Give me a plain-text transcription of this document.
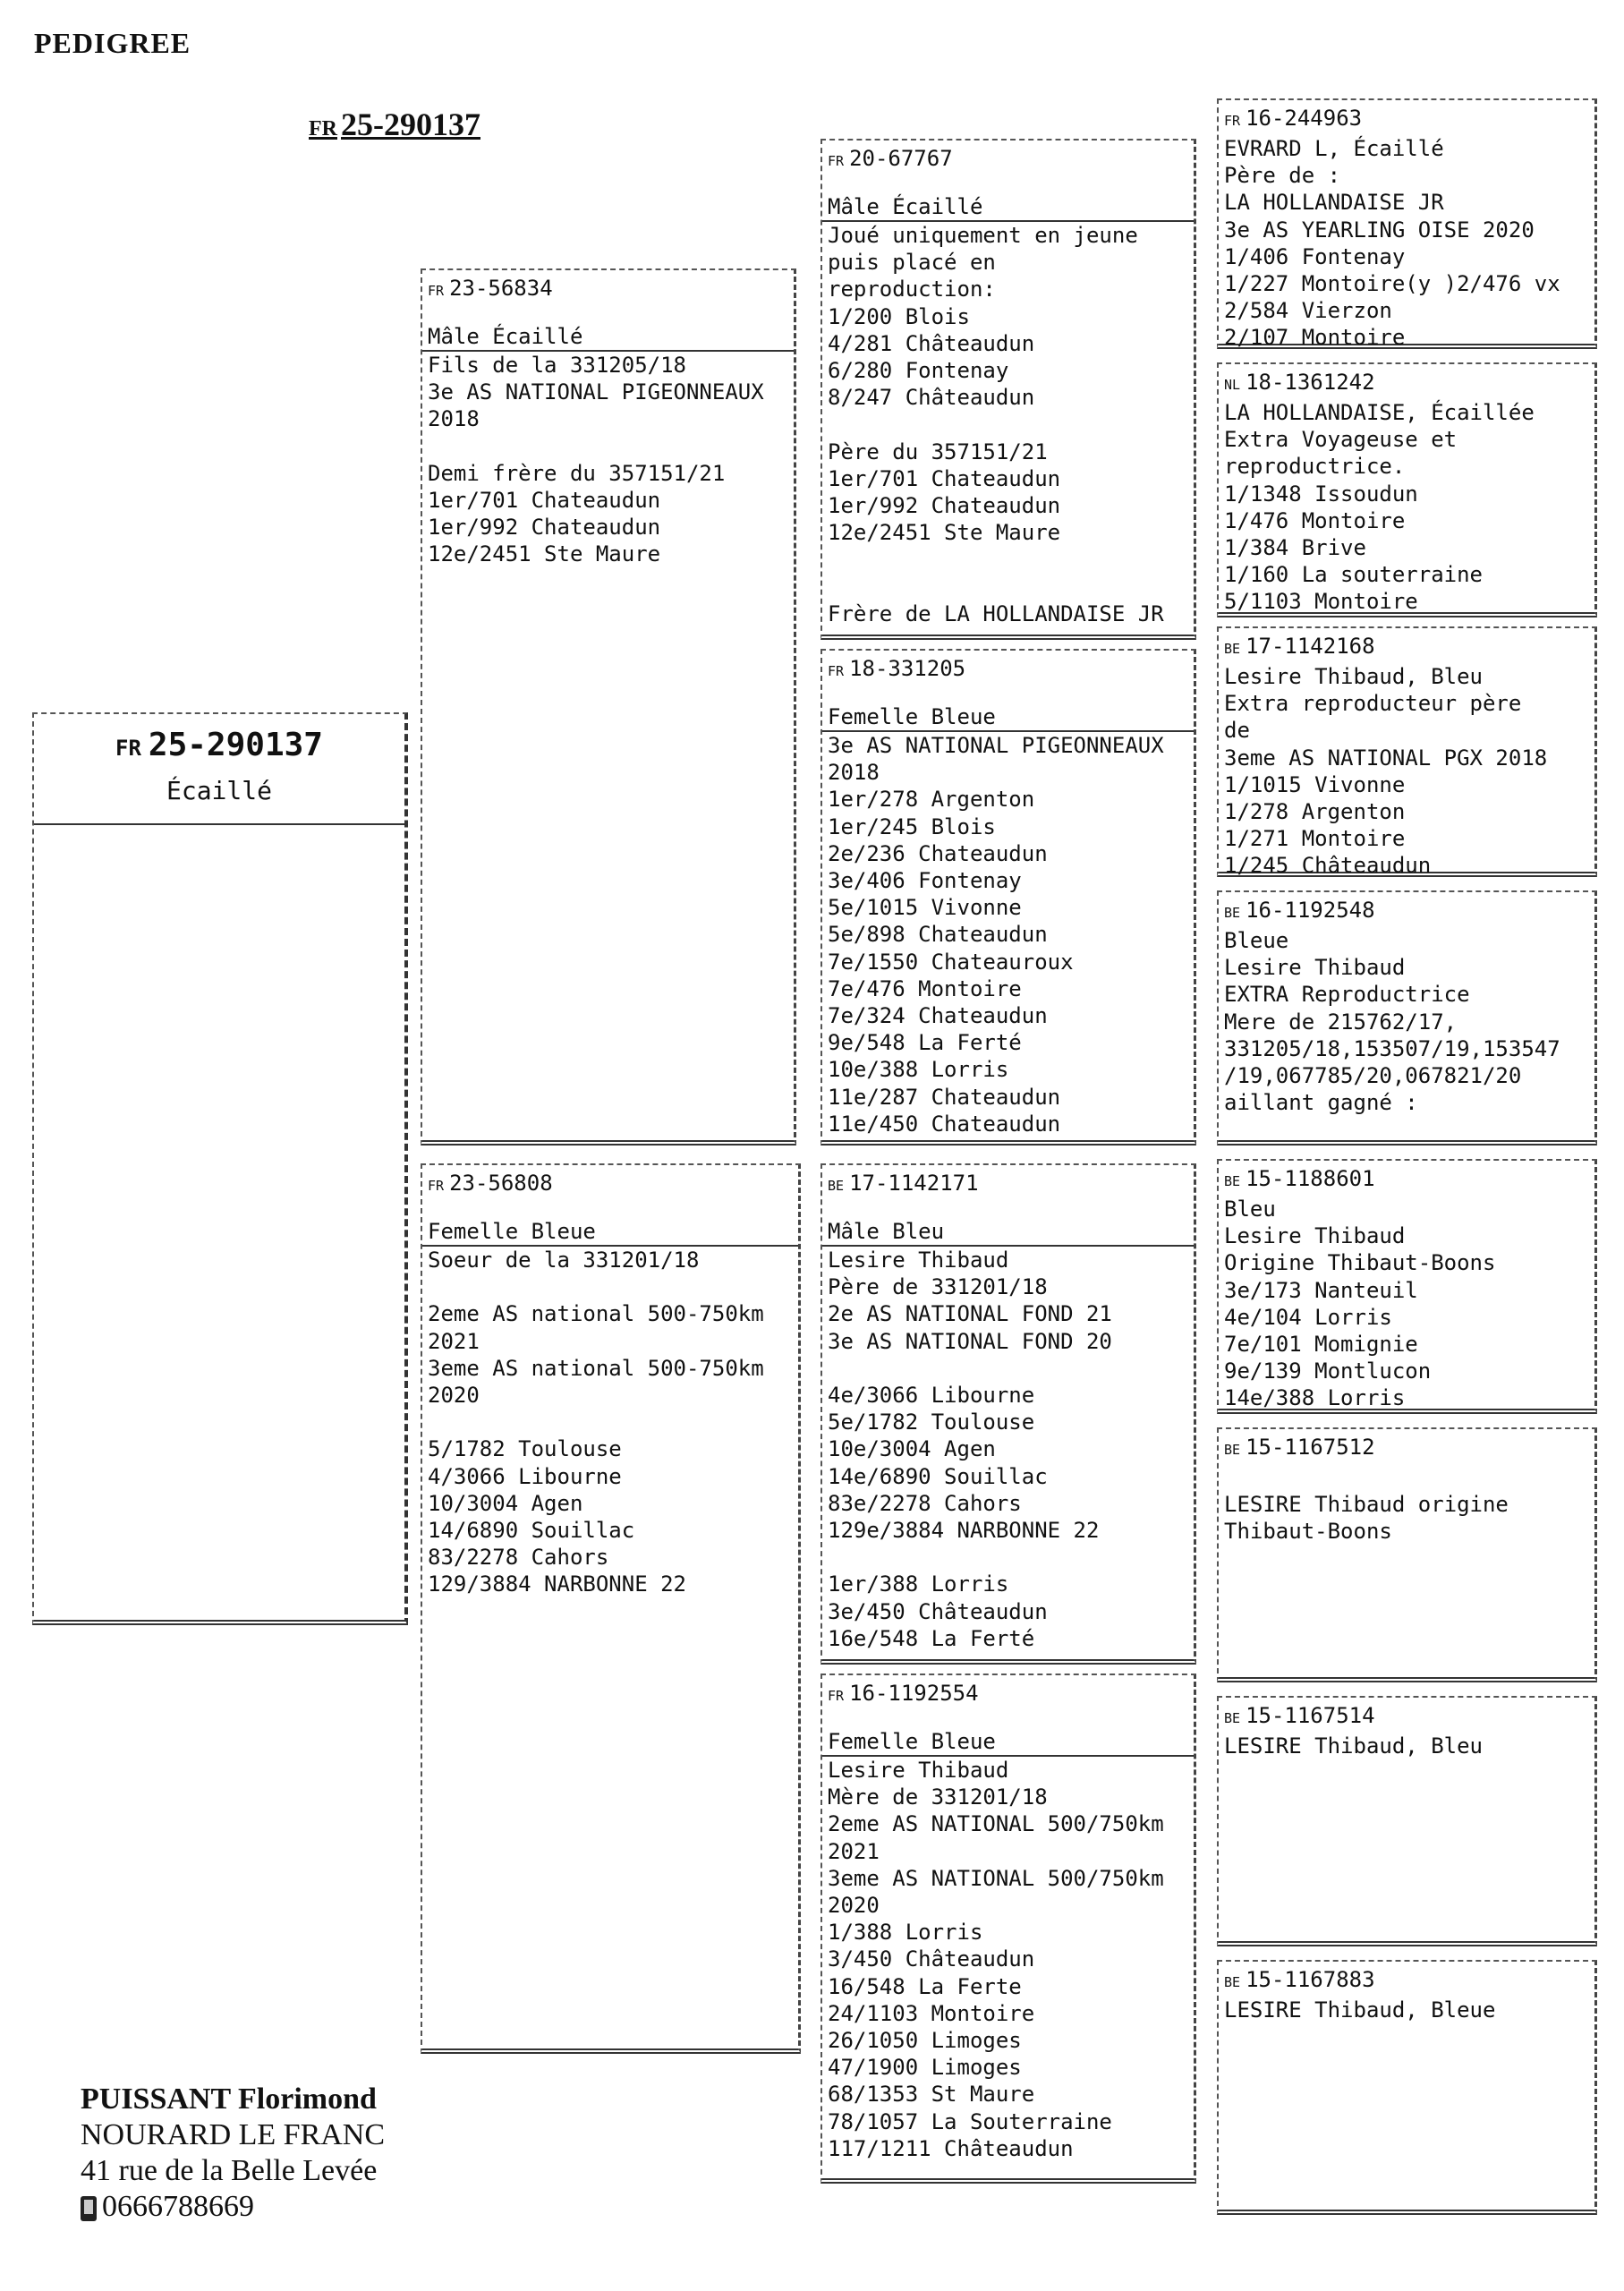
PEDIGREE
FR 25-290137
FR 25-290137
Écaillé
FR 23-56834
Mâle Écaillé
Fils de la 331205/18
3e AS NATIONAL PIGEONNEAUX
2018

Demi frère du 357151/21
1er/701 Chateaudun
1er/992 Chateaudun
12e/2451 Ste Maure
FR 23-56808
Femelle Bleue
Soeur de la 331201/18

2eme AS national 500-750km
2021
3eme AS national 500-750km
2020

5/1782 Toulouse
4/3066 Libourne
10/3004 Agen
14/6890 Souillac
83/2278 Cahors
129/3884 NARBONNE 22
FR 20-67767
Mâle Écaillé
Joué uniquement en jeune
puis placé en
reproduction:
1/200 Blois
4/281 Châteaudun
6/280 Fontenay
8/247 Châteaudun

Père du 357151/21
1er/701 Chateaudun
1er/992 Chateaudun
12e/2451 Ste Maure

Frère de LA HOLLANDAISE JR
FR 18-331205
Femelle Bleue
3e AS NATIONAL PIGEONNEAUX
2018
1er/278 Argenton
1er/245 Blois
2e/236 Chateaudun
3e/406 Fontenay
5e/1015 Vivonne
5e/898 Chateaudun
7e/1550 Chateauroux
7e/476 Montoire
7e/324 Chateaudun
9e/548 La Ferté
10e/388 Lorris
11e/287 Chateaudun
11e/450 Chateaudun
BE 17-1142171
Mâle Bleu
Lesire Thibaud
Père de 331201/18
2e AS NATIONAL FOND 21
3e AS NATIONAL FOND 20

4e/3066 Libourne
5e/1782 Toulouse
10e/3004 Agen
14e/6890 Souillac
83e/2278 Cahors
129e/3884 NARBONNE 22

1er/388 Lorris
3e/450 Châteaudun
16e/548 La Ferté
FR 16-1192554
Femelle Bleue
Lesire Thibaud
Mère de 331201/18
2eme AS NATIONAL 500/750km
2021
3eme AS NATIONAL 500/750km
2020
1/388 Lorris
3/450 Châteaudun
16/548 La Ferte
24/1103 Montoire
26/1050 Limoges
47/1900 Limoges
68/1353 St Maure
78/1057 La Souterraine
117/1211 Châteaudun
FR 16-244963
EVRARD L, Écaillé
Père de :
LA HOLLANDAISE JR
3e AS YEARLING OISE 2020
1/406 Fontenay
1/227 Montoire(y )2/476 vx
2/584 Vierzon
2/107 Montoire
NL 18-1361242
LA HOLLANDAISE, Écaillée
Extra Voyageuse et
reproductrice.
1/1348 Issoudun
1/476 Montoire
1/384 Brive
1/160 La souterraine
5/1103 Montoire
BE 17-1142168
Lesire Thibaud, Bleu
Extra reproducteur père
de
3eme AS NATIONAL PGX 2018
1/1015 Vivonne
1/278 Argenton
1/271 Montoire
1/245 Châteaudun
BE 16-1192548
Bleue
Lesire Thibaud
EXTRA Reproductrice
Mere de 215762/17,
331205/18,153507/19,153547
/19,067785/20,067821/20
aillant gagné :
BE 15-1188601
Bleu
Lesire Thibaud
Origine Thibaut-Boons
3e/173 Nanteuil
4e/104 Lorris
7e/101 Momignie
9e/139 Montlucon
14e/388 Lorris
BE 15-1167512

LESIRE Thibaud origine
Thibaut-Boons
BE 15-1167514
LESIRE Thibaud, Bleu
BE 15-1167883
LESIRE Thibaud, Bleue
PUISSANT Florimond
NOURARD LE FRANC
41 rue de la Belle Levée
0666788669
